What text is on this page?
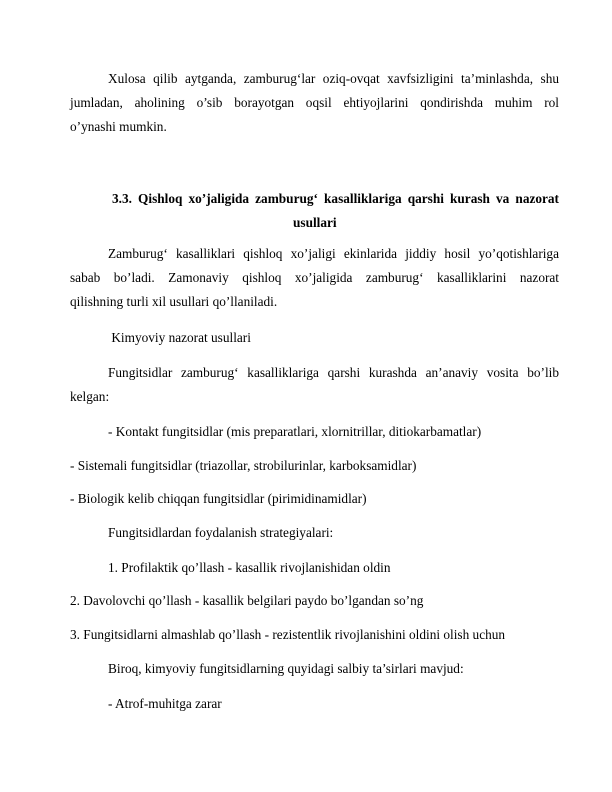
Xulosa qilib aytganda, zamburug‘lar oziq-ovqat xavfsizligini ta’minlashda, shu
jumladan, aholining o’sib borayotgan oqsil ehtiyojlarini qondirishda muhim rol
o’ynashi mumkin.
3.3. Qishloq xo’jaligida zamburug‘ kasalliklariga qarshi kurash va nazorat
usullari
Zamburug‘ kasalliklari qishloq xo’jaligi ekinlarida jiddiy hosil yo’qotishlariga
sabab bo’ladi. Zamonaviy qishloq xo’jaligida zamburug‘ kasalliklarini nazorat
qilishning turli xil usullari qo’llaniladi.
Kimyoviy nazorat usullari
Fungitsidlar zamburug‘ kasalliklariga qarshi kurashda an’anaviy vosita bo’lib
kelgan:
- Kontakt fungitsidlar (mis preparatlari, xlornitrillar, ditiokarbamatlar)
- Sistemali fungitsidlar (triazollar, strobilurinlar, karboksamidlar)
- Biologik kelib chiqqan fungitsidlar (pirimidinamidlar)
Fungitsidlardan foydalanish strategiyalari:
1. Profilaktik qo’llash - kasallik rivojlanishidan oldin
2. Davolovchi qo’llash - kasallik belgilari paydo bo’lgandan so’ng
3. Fungitsidlarni almashlab qo’llash - rezistentlik rivojlanishini oldini olish uchun
Biroq, kimyoviy fungitsidlarning quyidagi salbiy ta’sirlari mavjud:
- Atrof-muhitga zarar
